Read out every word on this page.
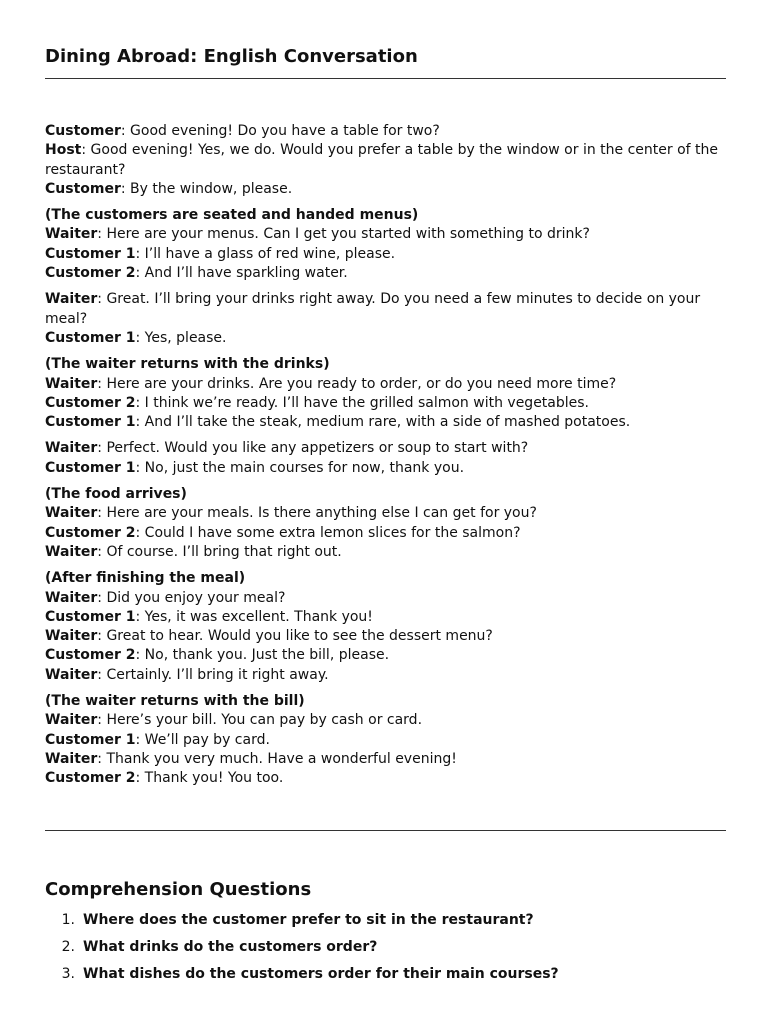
Dining Abroad: English Conversation

Customer: Good evening! Do you have a table for two?

Host: Good evening! Yes, we do. Would you prefer a table by the window or in the center of the restaurant?

Customer: By the window, please.

(The customers are seated and handed menus)

Waiter: Here are your menus. Can I get you started with something to drink?

Customer 1: I’ll have a glass of red wine, please.

Customer 2: And I’ll have sparkling water.

Waiter: Great. I’ll bring your drinks right away. Do you need a few minutes to decide on your meal?

Customer 1: Yes, please.

(The waiter returns with the drinks)

Waiter: Here are your drinks. Are you ready to order, or do you need more time?

Customer 2: I think we’re ready. I’ll have the grilled salmon with vegetables.

Customer 1: And I’ll take the steak, medium rare, with a side of mashed potatoes.

Waiter: Perfect. Would you like any appetizers or soup to start with?

Customer 1: No, just the main courses for now, thank you.

(The food arrives)

Waiter: Here are your meals. Is there anything else I can get for you?

Customer 2: Could I have some extra lemon slices for the salmon?

Waiter: Of course. I’ll bring that right out.

(After finishing the meal)

Waiter: Did you enjoy your meal?

Customer 1: Yes, it was excellent. Thank you!

Waiter: Great to hear. Would you like to see the dessert menu?

Customer 2: No, thank you. Just the bill, please.

Waiter: Certainly. I’ll bring it right away.

(The waiter returns with the bill)

Waiter: Here’s your bill. You can pay by cash or card.

Customer 1: We’ll pay by card.

Waiter: Thank you very much. Have a wonderful evening!

Customer 2: Thank you! You too.

Comprehension Questions
1. Where does the customer prefer to sit in the restaurant?
2. What drinks do the customers order?
3. What dishes do the customers order for their main courses?
